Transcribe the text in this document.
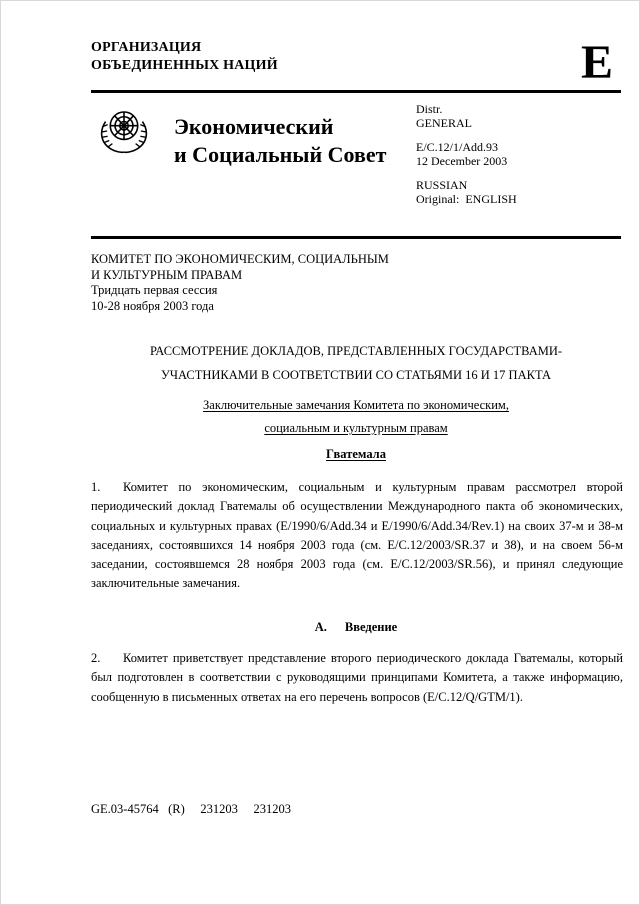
ОРГАНИЗАЦИЯ
ОБЪЕДИНЕННЫХ НАЦИЙ	E
Экономический
и Социальный Совет
Distr.
GENERAL
E/C.12/1/Add.93
12 December 2003
RUSSIAN
Original:  ENGLISH
КОМИТЕТ ПО ЭКОНОМИЧЕСКИМ, СОЦИАЛЬНЫМ
И КУЛЬТУРНЫМ ПРАВАМ
Тридцать первая сессия
10-28 ноября 2003 года
РАССМОТРЕНИЕ ДОКЛАДОВ, ПРЕДСТАВЛЕННЫХ ГОСУДАРСТВАМИ-
УЧАСТНИКАМИ В СООТВЕТСТВИИ СО СТАТЬЯМИ 16 И 17 ПАКТА
Заключительные замечания Комитета по экономическим,
социальным и культурным правам
Гватемала

1. Комитет по экономическим, социальным и культурным правам рассмотрел второй периодический доклад Гватемалы об осуществлении Международного пакта об экономических, социальных и культурных правах (E/1990/6/Add.34 и E/1990/6/Add.34/Rev.1) на своих 37-м и 38-м заседаниях, состоявшихся 14 ноября 2003 года (см. E/C.12/2003/SR.37 и 38), и на своем 56-м заседании, состоявшемся 28 ноября 2003 года (см. E/C.12/2003/SR.56), и принял следующие заключительные замечания.

A. Введение

2. Комитет приветствует представление второго периодического доклада Гватемалы, который был подготовлен в соответствии с руководящими принципами Комитета, а также информацию, сообщенную в письменных ответах на его перечень вопросов (E/C.12/Q/GTM/1).

GE.03-45764   (R)     231203     231203
